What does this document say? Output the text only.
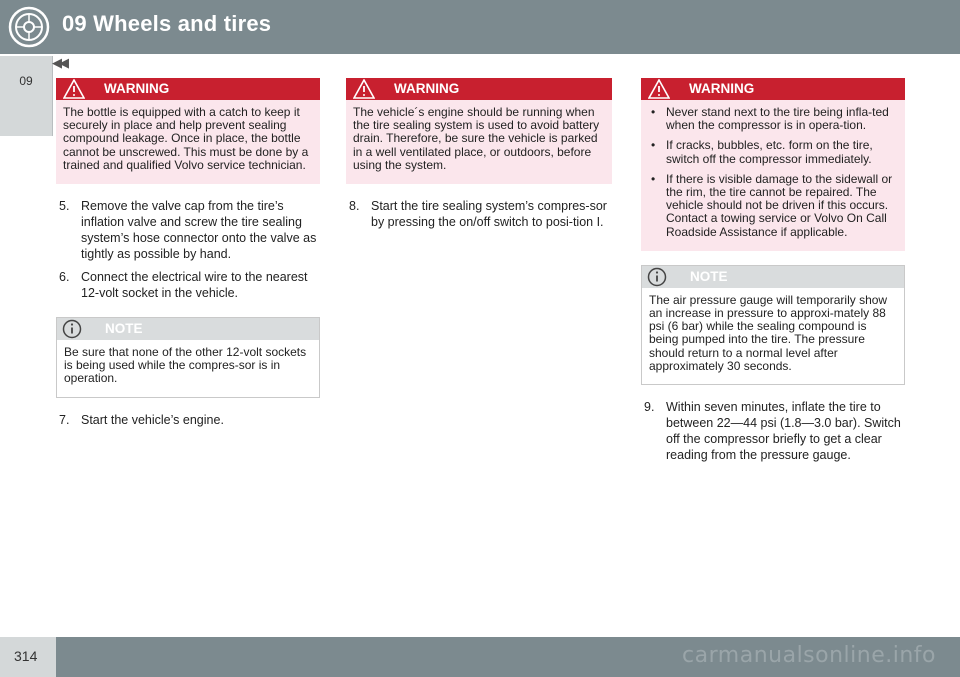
09 Wheels and tires
09
◀◀
WARNING
The bottle is equipped with a catch to keep it securely in place and help prevent sealing compound leakage. Once in place, the bottle cannot be unscrewed. This must be done by a trained and qualified Volvo service technician.
5. Remove the valve cap from the tire’s inflation valve and screw the tire sealing system’s hose connector onto the valve as tightly as possible by hand.
6. Connect the electrical wire to the nearest 12-volt socket in the vehicle.
NOTE
Be sure that none of the other 12-volt sockets is being used while the compres-sor is in operation.
7. Start the vehicle’s engine.
WARNING
The vehicle´s engine should be running when the tire sealing system is used to avoid battery drain. Therefore, be sure the vehicle is parked in a well ventilated place, or outdoors, before using the system.
8. Start the tire sealing system’s compres-sor by pressing the on/off switch to posi-tion I.
WARNING
• Never stand next to the tire being infla-ted when the compressor is in opera-tion.
• If cracks, bubbles, etc. form on the tire, switch off the compressor immediately.
• If there is visible damage to the sidewall or the rim, the tire cannot be repaired. The vehicle should not be driven if this occurs. Contact a towing service or Volvo On Call Roadside Assistance if applicable.
NOTE
The air pressure gauge will temporarily show an increase in pressure to approxi-mately 88 psi (6 bar) while the sealing compound is being pumped into the tire. The pressure should return to a normal level after approximately 30 seconds.
9. Within seven minutes, inflate the tire to between 22—44 psi (1.8—3.0 bar). Switch off the compressor briefly to get a clear reading from the pressure gauge.
314	carmanualsonline.info
